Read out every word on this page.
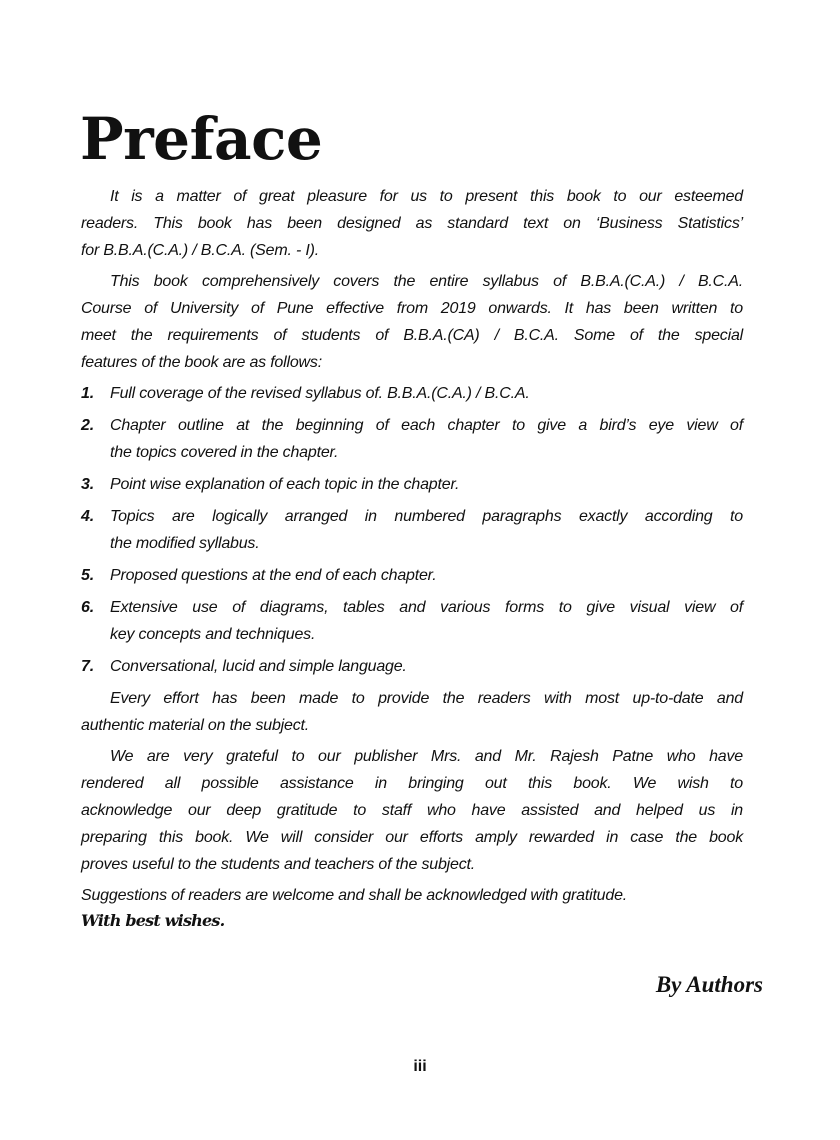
Preface
It is a matter of great pleasure for us to present this book to our esteemed
readers. This book has been designed as standard text on ‘Business Statistics’
for B.B.A.(C.A.) / B.C.A. (Sem. - I).
This book comprehensively covers the entire syllabus of B.B.A.(C.A.) / B.C.A.
Course of University of Pune effective from 2019 onwards. It has been written to
meet the requirements of students of B.B.A.(CA) / B.C.A. Some of the special
features of the book are as follows:
1. Full coverage of the revised syllabus of. B.B.A.(C.A.) / B.C.A.
2. Chapter outline at the beginning of each chapter to give a bird’s eye view of
the topics covered in the chapter.
3. Point wise explanation of each topic in the chapter.
4. Topics are logically arranged in numbered paragraphs exactly according to
the modified syllabus.
5. Proposed questions at the end of each chapter.
6. Extensive use of diagrams, tables and various forms to give visual view of
key concepts and techniques.
7. Conversational, lucid and simple language.
Every effort has been made to provide the readers with most up-to-date and
authentic material on the subject.
We are very grateful to our publisher Mrs. and Mr. Rajesh Patne who have
rendered all possible assistance in bringing out this book. We wish to
acknowledge our deep gratitude to staff who have assisted and helped us in
preparing this book. We will consider our efforts amply rewarded in case the book
proves useful to the students and teachers of the subject.
Suggestions of readers are welcome and shall be acknowledged with gratitude.
With best wishes.
By Authors
iii
